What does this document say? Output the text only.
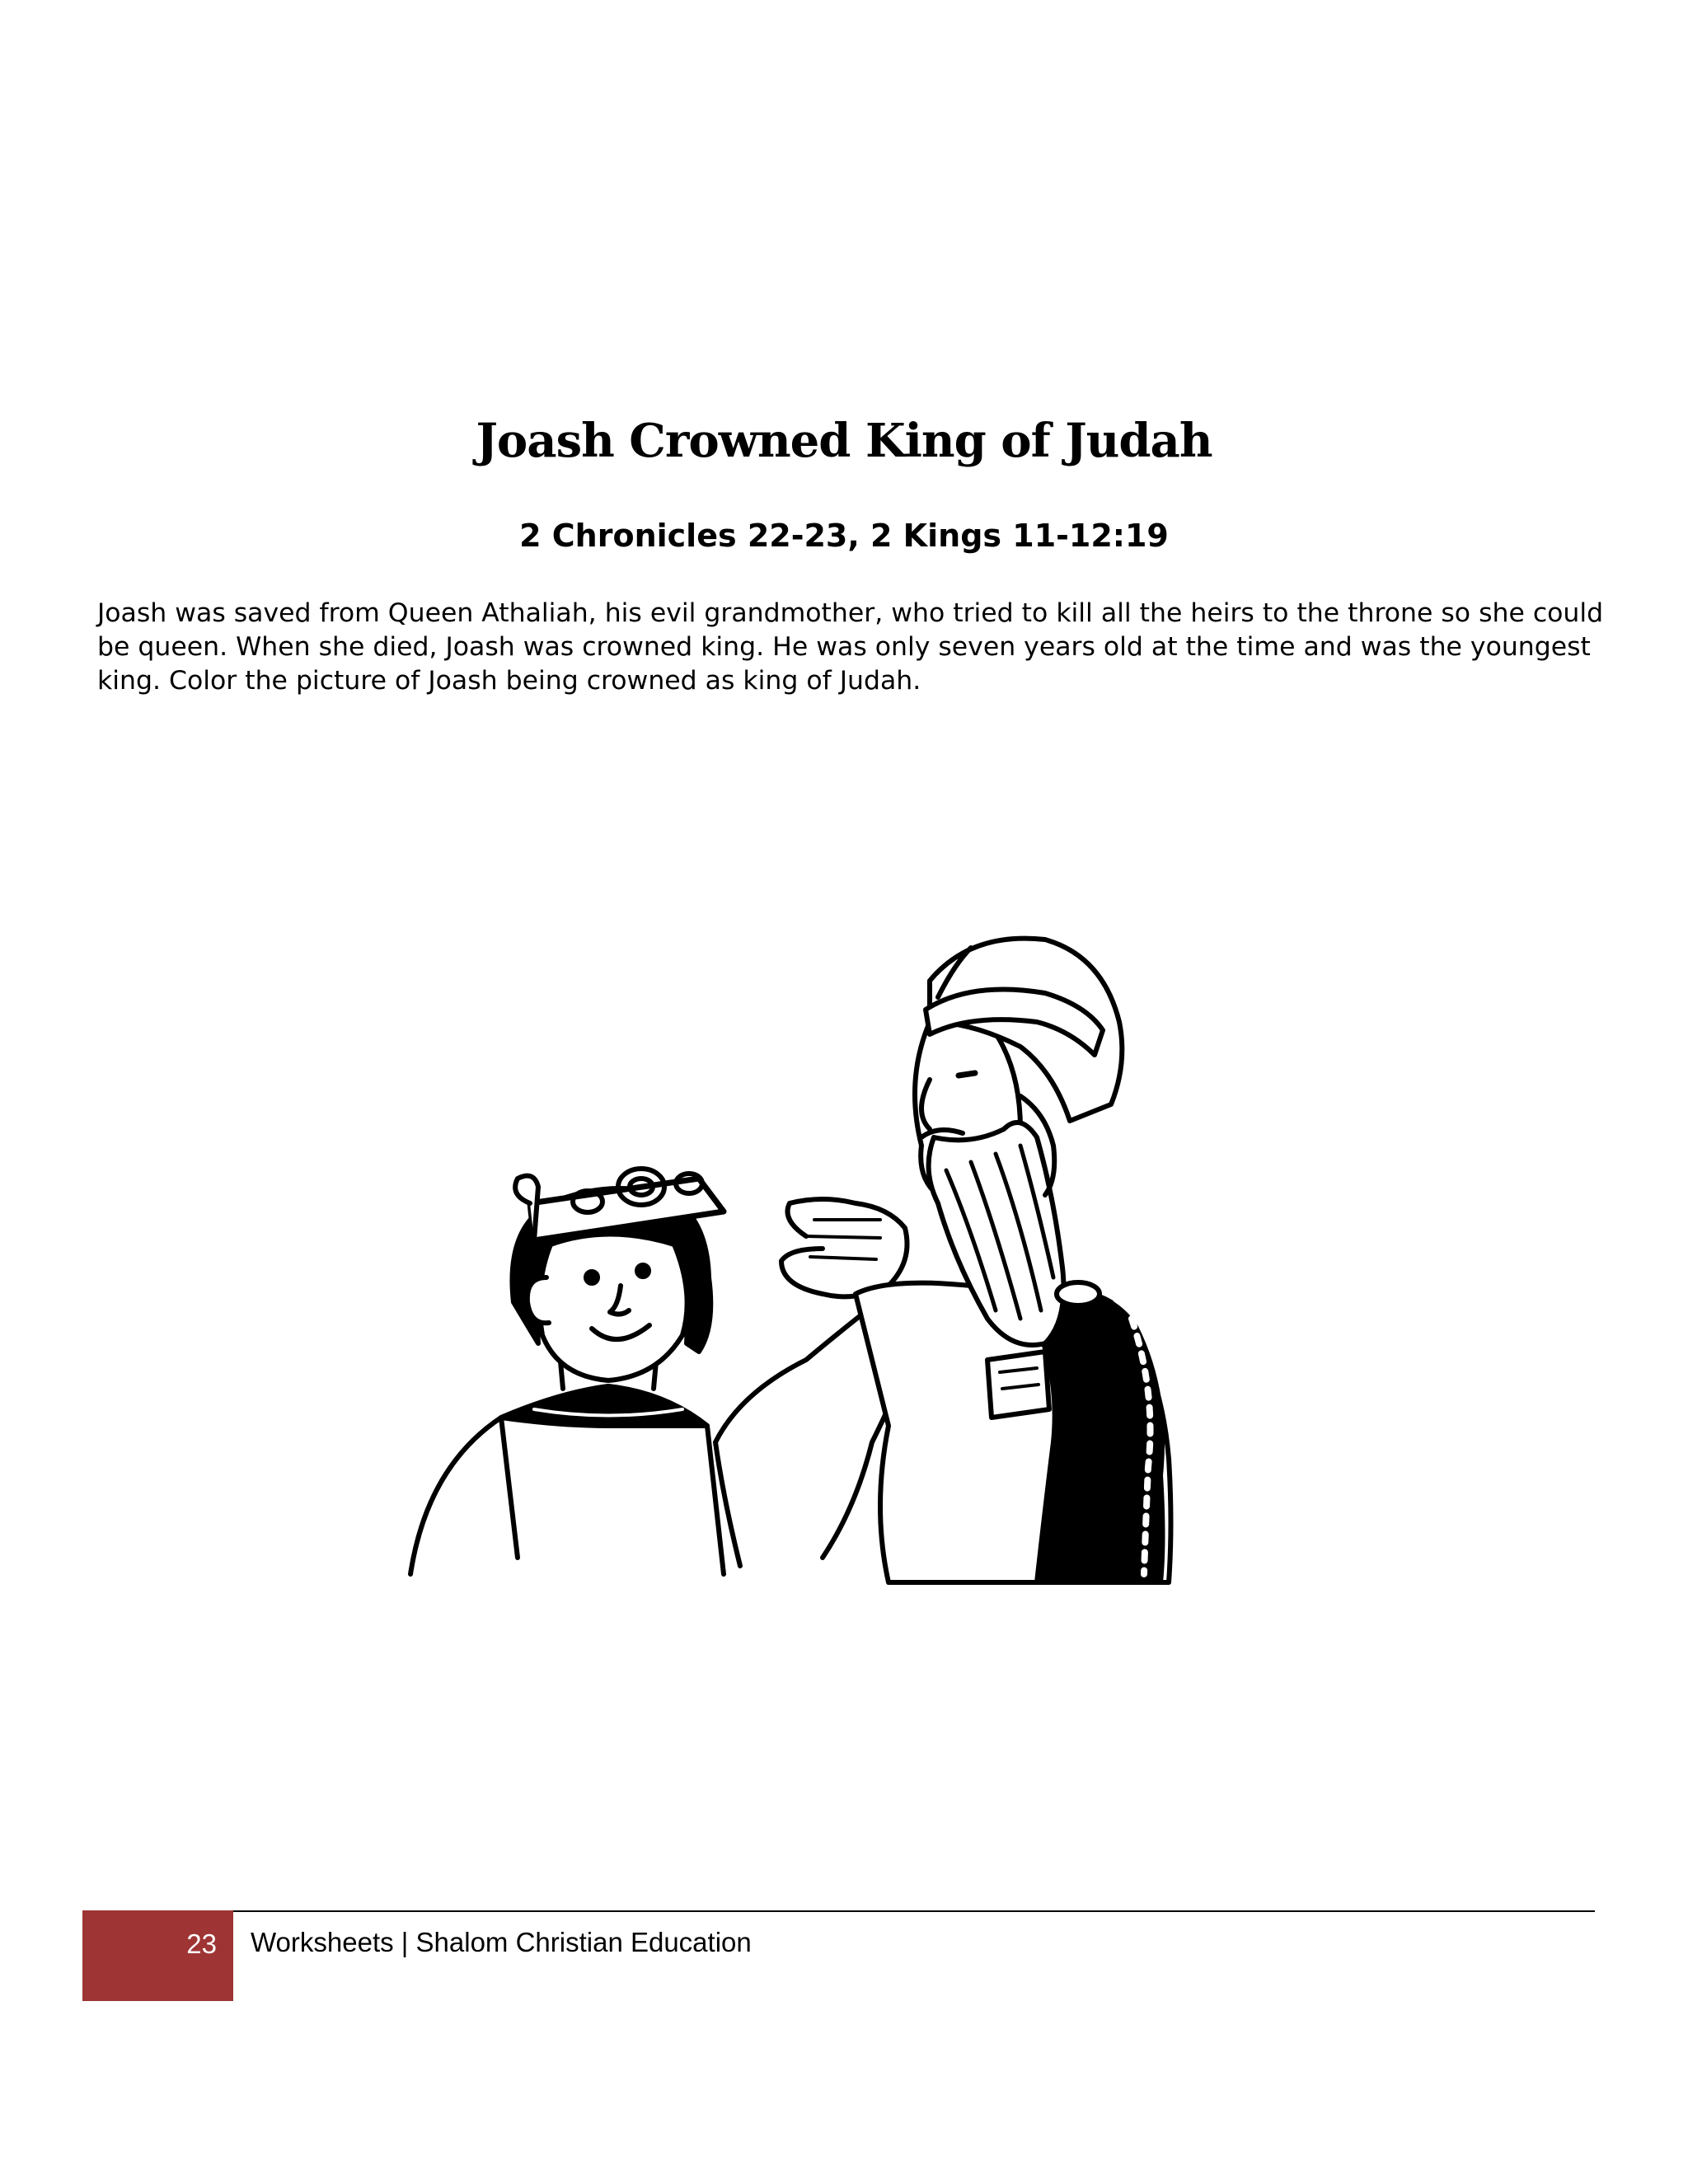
Joash Crowned King of Judah
2 Chronicles 22-23, 2 Kings 11-12:19

Joash was saved from Queen Athaliah, his evil grandmother, who tried to kill all the heirs to the throne so she could be queen. When she died, Joash was crowned king. He was only seven years old at the time and was the youngest king. Color the picture of Joash being crowned as king of Judah.

23 Worksheets | Shalom Christian Education
